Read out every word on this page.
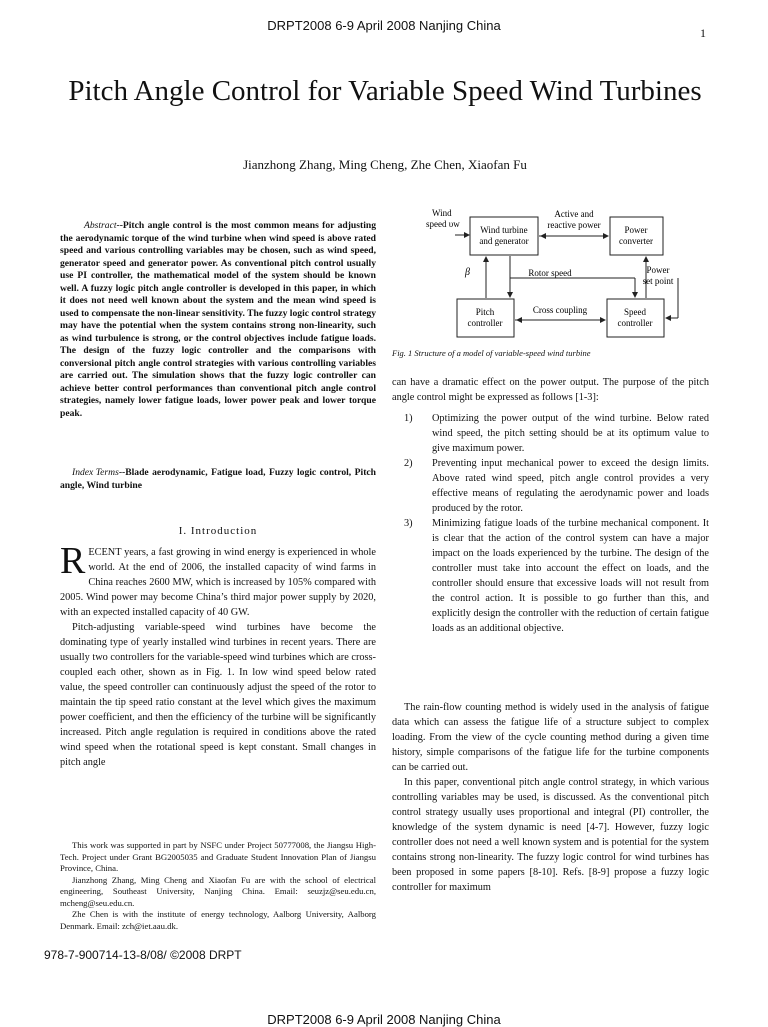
DRPT2008 6-9 April 2008 Nanjing China	1
Pitch Angle Control for Variable Speed Wind Turbines
Jianzhong Zhang, Ming Cheng, Zhe Chen, Xiaofan Fu
Abstract--Pitch angle control is the most common means for adjusting the aerodynamic torque of the wind turbine when wind speed is above rated speed and various controlling variables may be chosen, such as wind speed, generator speed and generator power. As conventional pitch control usually use PI controller, the mathematical model of the system should be known well. A fuzzy logic pitch angle controller is developed in this paper, in which it does not need well known about the system and the mean wind speed is used to compensate the non-linear sensitivity. The fuzzy logic control strategy may have the potential when the system contains strong non-linearity, such as wind turbulence is strong, or the control objectives include fatigue loads. The design of the fuzzy logic controller and the comparisons with conversional pitch angle control strategies with various controlling variables are carried out. The simulation shows that the fuzzy logic controller can achieve better control performances than conventional pitch angle control strategies, namely lower fatigue loads, lower power peak and lower torque peak.
Index Terms--Blade aerodynamic, Fatigue load, Fuzzy logic control, Pitch angle, Wind turbine
I. Introduction

RECENT years, a fast growing in wind energy is experienced in whole world. At the end of 2006, the installed capacity of wind farms in China reaches 2600 MW, which is increased by 105% compared with 2005. Wind power may become China’s third major power supply by 2020, with an expected installed capacity of 40 GW.

Pitch-adjusting variable-speed wind turbines have become the dominating type of yearly installed wind turbines in recent years. There are usually two controllers for the variable-speed wind turbines which are cross-coupled each other, shown as in Fig. 1. In low wind speed below rated value, the speed controller can continuously adjust the speed of the rotor to maintain the tip speed ratio constant at the level which gives the maximum power coefficient, and then the efficiency of the turbine will be significantly increased. Pitch angle regulation is required in conditions above the rated wind speed when the rotational speed is kept constant. Small changes in pitch angle

This work was supported in part by NSFC under Project 50777008, the Jiangsu High-Tech. Project under Grant BG2005035 and Graduate Student Innovation Plan of Jiangsu Province, China.

Jianzhong Zhang, Ming Cheng and Xiaofan Fu are with the school of electrical engineering, Southeast University, Nanjing China. Email: seuzjz@seu.edu.cn, mcheng@seu.edu.cn.

Zhe Chen is with the institute of energy technology, Aalborg University, Aalborg Denmark. Email: zch@iet.aau.dk.

978-7-900714-13-8/08/ ©2008 DRPT
Wind
speed υw
Wind turbine
and generator
Power
converter
Active and
reactive power
β	Rotor speed	Power
set point
Pitch
controller
Cross coupling	Speed
controller
Fig. 1 Structure of a model of variable-speed wind turbine

can have a dramatic effect on the power output. The purpose of the pitch angle control might be expressed as follows [1-3]:

1) Optimizing the power output of the wind turbine. Below rated wind speed, the pitch setting should be at its optimum value to give maximum power.
2) Preventing input mechanical power to exceed the design limits. Above rated wind speed, pitch angle control provides a very effective means of regulating the aerodynamic power and loads produced by the rotor.
3) Minimizing fatigue loads of the turbine mechanical component. It is clear that the action of the control system can have a major impact on the loads experienced by the turbine. The design of the controller must take into account the effect on loads, and the controller should ensure that excessive loads will not result from the control action. It is possible to go further than this, and explicitly design the controller with the reduction of certain fatigue loads as an additional objective.

The rain-flow counting method is widely used in the analysis of fatigue data which can assess the fatigue life of a structure subject to complex loading. From the view of the cycle counting method during a given time history, simple comparisons of the fatigue life for the turbine components can be carried out.

In this paper, conventional pitch angle control strategy, in which various controlling variables may be used, is discussed. As the conventional pitch control strategy usually uses proportional and integral (PI) controller, the knowledge of the system dynamic is need [4-7]. However, fuzzy logic controller does not need a well known system and is potential for the system contains strong non-linearity. The fuzzy logic control for wind turbines has been proposed in some papers [8-10]. Refs. [8-9] propose a fuzzy logic controller for maximum

DRPT2008 6-9 April 2008 Nanjing China
